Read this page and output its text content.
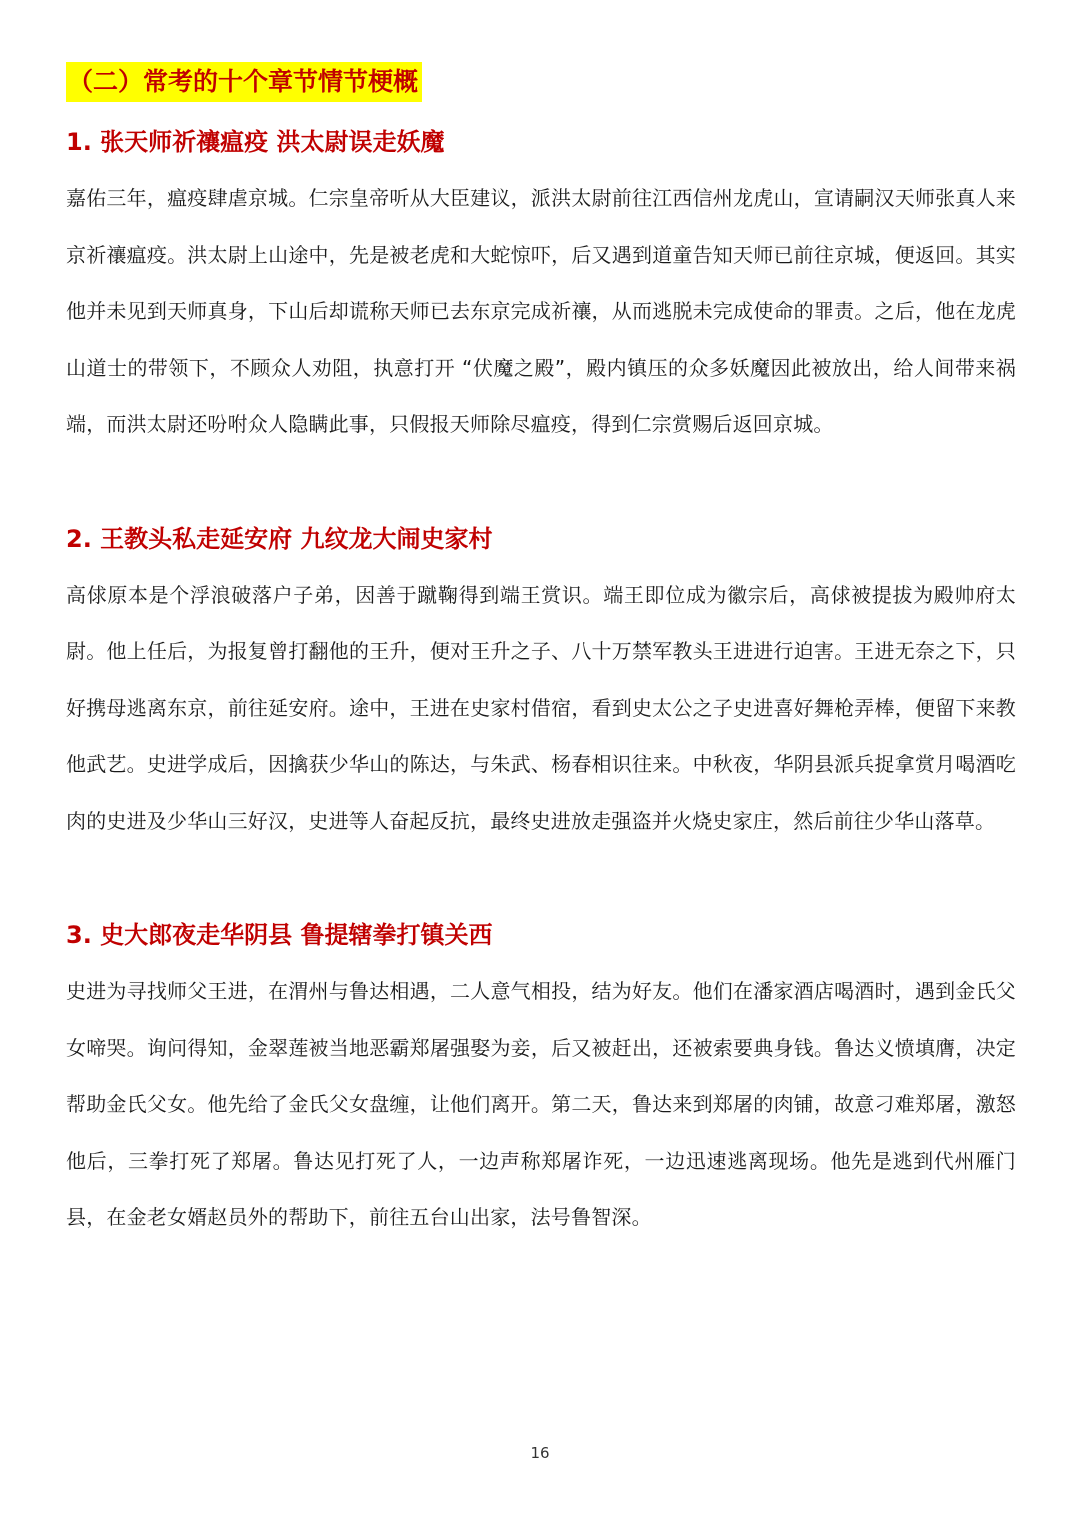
（二）常考的十个章节情节梗概
1. 张天师祈禳瘟疫 洪太尉误走妖魔

嘉佑三年，瘟疫肆虐京城。仁宗皇帝听从大臣建议，派洪太尉前往江西信州龙虎山，宣请嗣汉天师张真人来京祈禳瘟疫。洪太尉上山途中，先是被老虎和大蛇惊吓，后又遇到道童告知天师已前往京城，便返回。其实他并未见到天师真身，下山后却谎称天师已去东京完成祈禳，从而逃脱未完成使命的罪责。之后，他在龙虎山道士的带领下，不顾众人劝阻，执意打开 “伏魔之殿”，殿内镇压的众多妖魔因此被放出，给人间带来祸端，而洪太尉还吩咐众人隐瞒此事，只假报天师除尽瘟疫，得到仁宗赏赐后返回京城。

2. 王教头私走延安府 九纹龙大闹史家村

高俅原本是个浮浪破落户子弟，因善于蹴鞠得到端王赏识。端王即位成为徽宗后，高俅被提拔为殿帅府太尉。他上任后，为报复曾打翻他的王升，便对王升之子、八十万禁军教头王进进行迫害。王进无奈之下，只好携母逃离东京，前往延安府。途中，王进在史家村借宿，看到史太公之子史进喜好舞枪弄棒，便留下来教他武艺。史进学成后，因擒获少华山的陈达，与朱武、杨春相识往来。中秋夜，华阴县派兵捉拿赏月喝酒吃肉的史进及少华山三好汉，史进等人奋起反抗，最终史进放走强盗并火烧史家庄，然后前往少华山落草。

3. 史大郎夜走华阴县 鲁提辖拳打镇关西

史进为寻找师父王进，在渭州与鲁达相遇，二人意气相投，结为好友。他们在潘家酒店喝酒时，遇到金氏父女啼哭。询问得知，金翠莲被当地恶霸郑屠强娶为妾，后又被赶出，还被索要典身钱。鲁达义愤填膺，决定帮助金氏父女。他先给了金氏父女盘缠，让他们离开。第二天，鲁达来到郑屠的肉铺，故意刁难郑屠，激怒他后，三拳打死了郑屠。鲁达见打死了人，一边声称郑屠诈死，一边迅速逃离现场。他先是逃到代州雁门县，在金老女婿赵员外的帮助下，前往五台山出家，法号鲁智深。

16
